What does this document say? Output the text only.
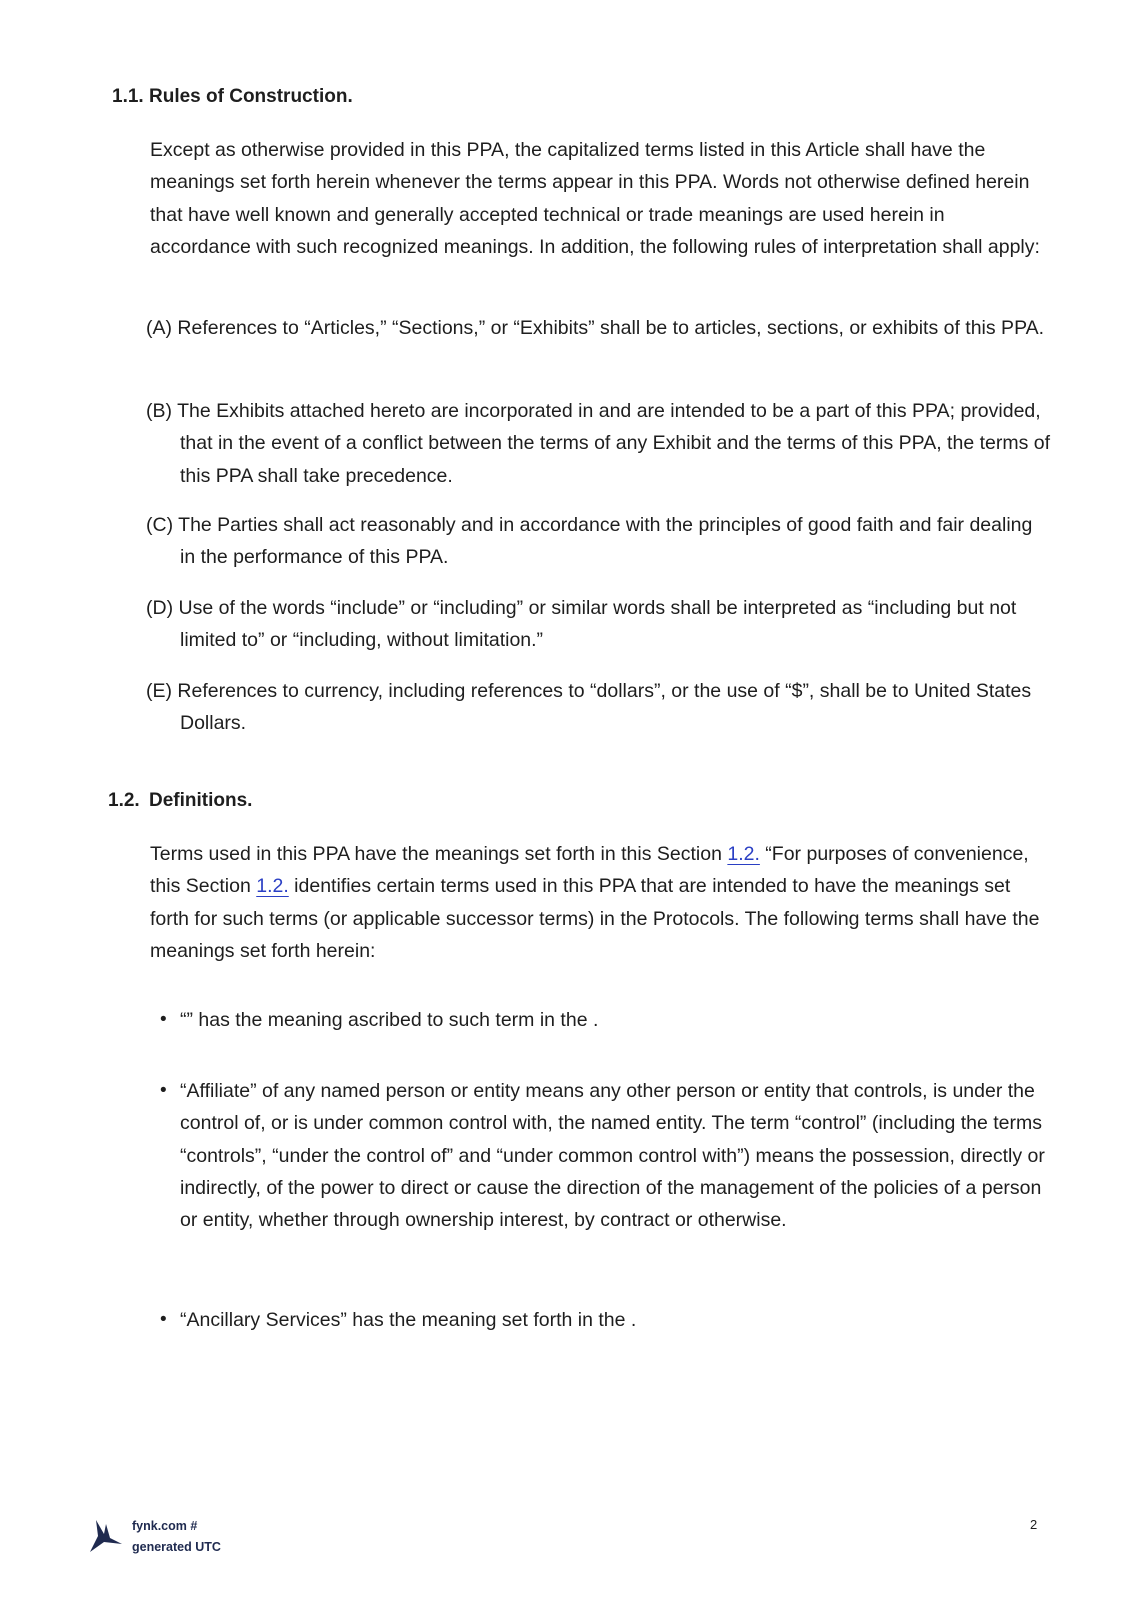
1.1. Rules of Construction.

Except as otherwise provided in this PPA, the capitalized terms listed in this Article shall have the meanings set forth herein whenever the terms appear in this PPA. Words not otherwise defined herein that have well known and generally accepted technical or trade meanings are used herein in accordance with such recognized meanings. In addition, the following rules of interpretation shall apply:

(A) References to “Articles,” “Sections,” or “Exhibits” shall be to articles, sections, or exhibits of this PPA.

(B) The Exhibits attached hereto are incorporated in and are intended to be a part of this PPA; provided, that in the event of a conflict between the terms of any Exhibit and the terms of this PPA, the terms of this PPA shall take precedence.

(C) The Parties shall act reasonably and in accordance with the principles of good faith and fair dealing in the performance of this PPA.

(D) Use of the words “include” or “including” or similar words shall be interpreted as “including but not limited to” or “including, without limitation.”

(E) References to currency, including references to “dollars”, or the use of “$”, shall be to United States Dollars.

1.2. Definitions.

Terms used in this PPA have the meanings set forth in this Section 1.2. “For purposes of convenience, this Section 1.2. identifies certain terms used in this PPA that are intended to have the meanings set forth for such terms (or applicable successor terms) in the Protocols. The following terms shall have the meanings set forth herein:

• “” has the meaning ascribed to such term in the .

• “Affiliate” of any named person or entity means any other person or entity that controls, is under the control of, or is under common control with, the named entity. The term “control” (including the terms “controls”, “under the control of” and “under common control with”) means the possession, directly or indirectly, of the power to direct or cause the direction of the management of the policies of a person or entity, whether through ownership interest, by contract or otherwise.

• “Ancillary Services” has the meaning set forth in the .

fynk.com #
generated UTC
2
